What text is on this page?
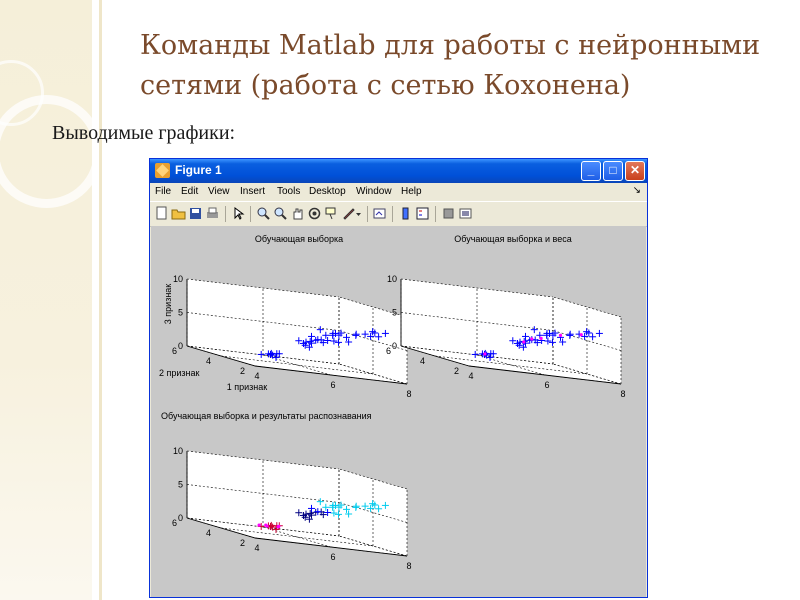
Команды Matlab для работы с нейронными сетями (работа с сетью Кохонена)
Выводимые графики:
Figure 1	_	□	✕
File Edit View Insert Tools Desktop Window Help	↘
Обучающая выборка
1 признак
2 признак
3 признак
4
6
8
2
4
6 0
5
10
Обучающая выборка и веса
4
6
8
2
4
6 0
5
10
Обучающая выборка и результаты распознавания
4
6
8
2
4
6 0
5
10
